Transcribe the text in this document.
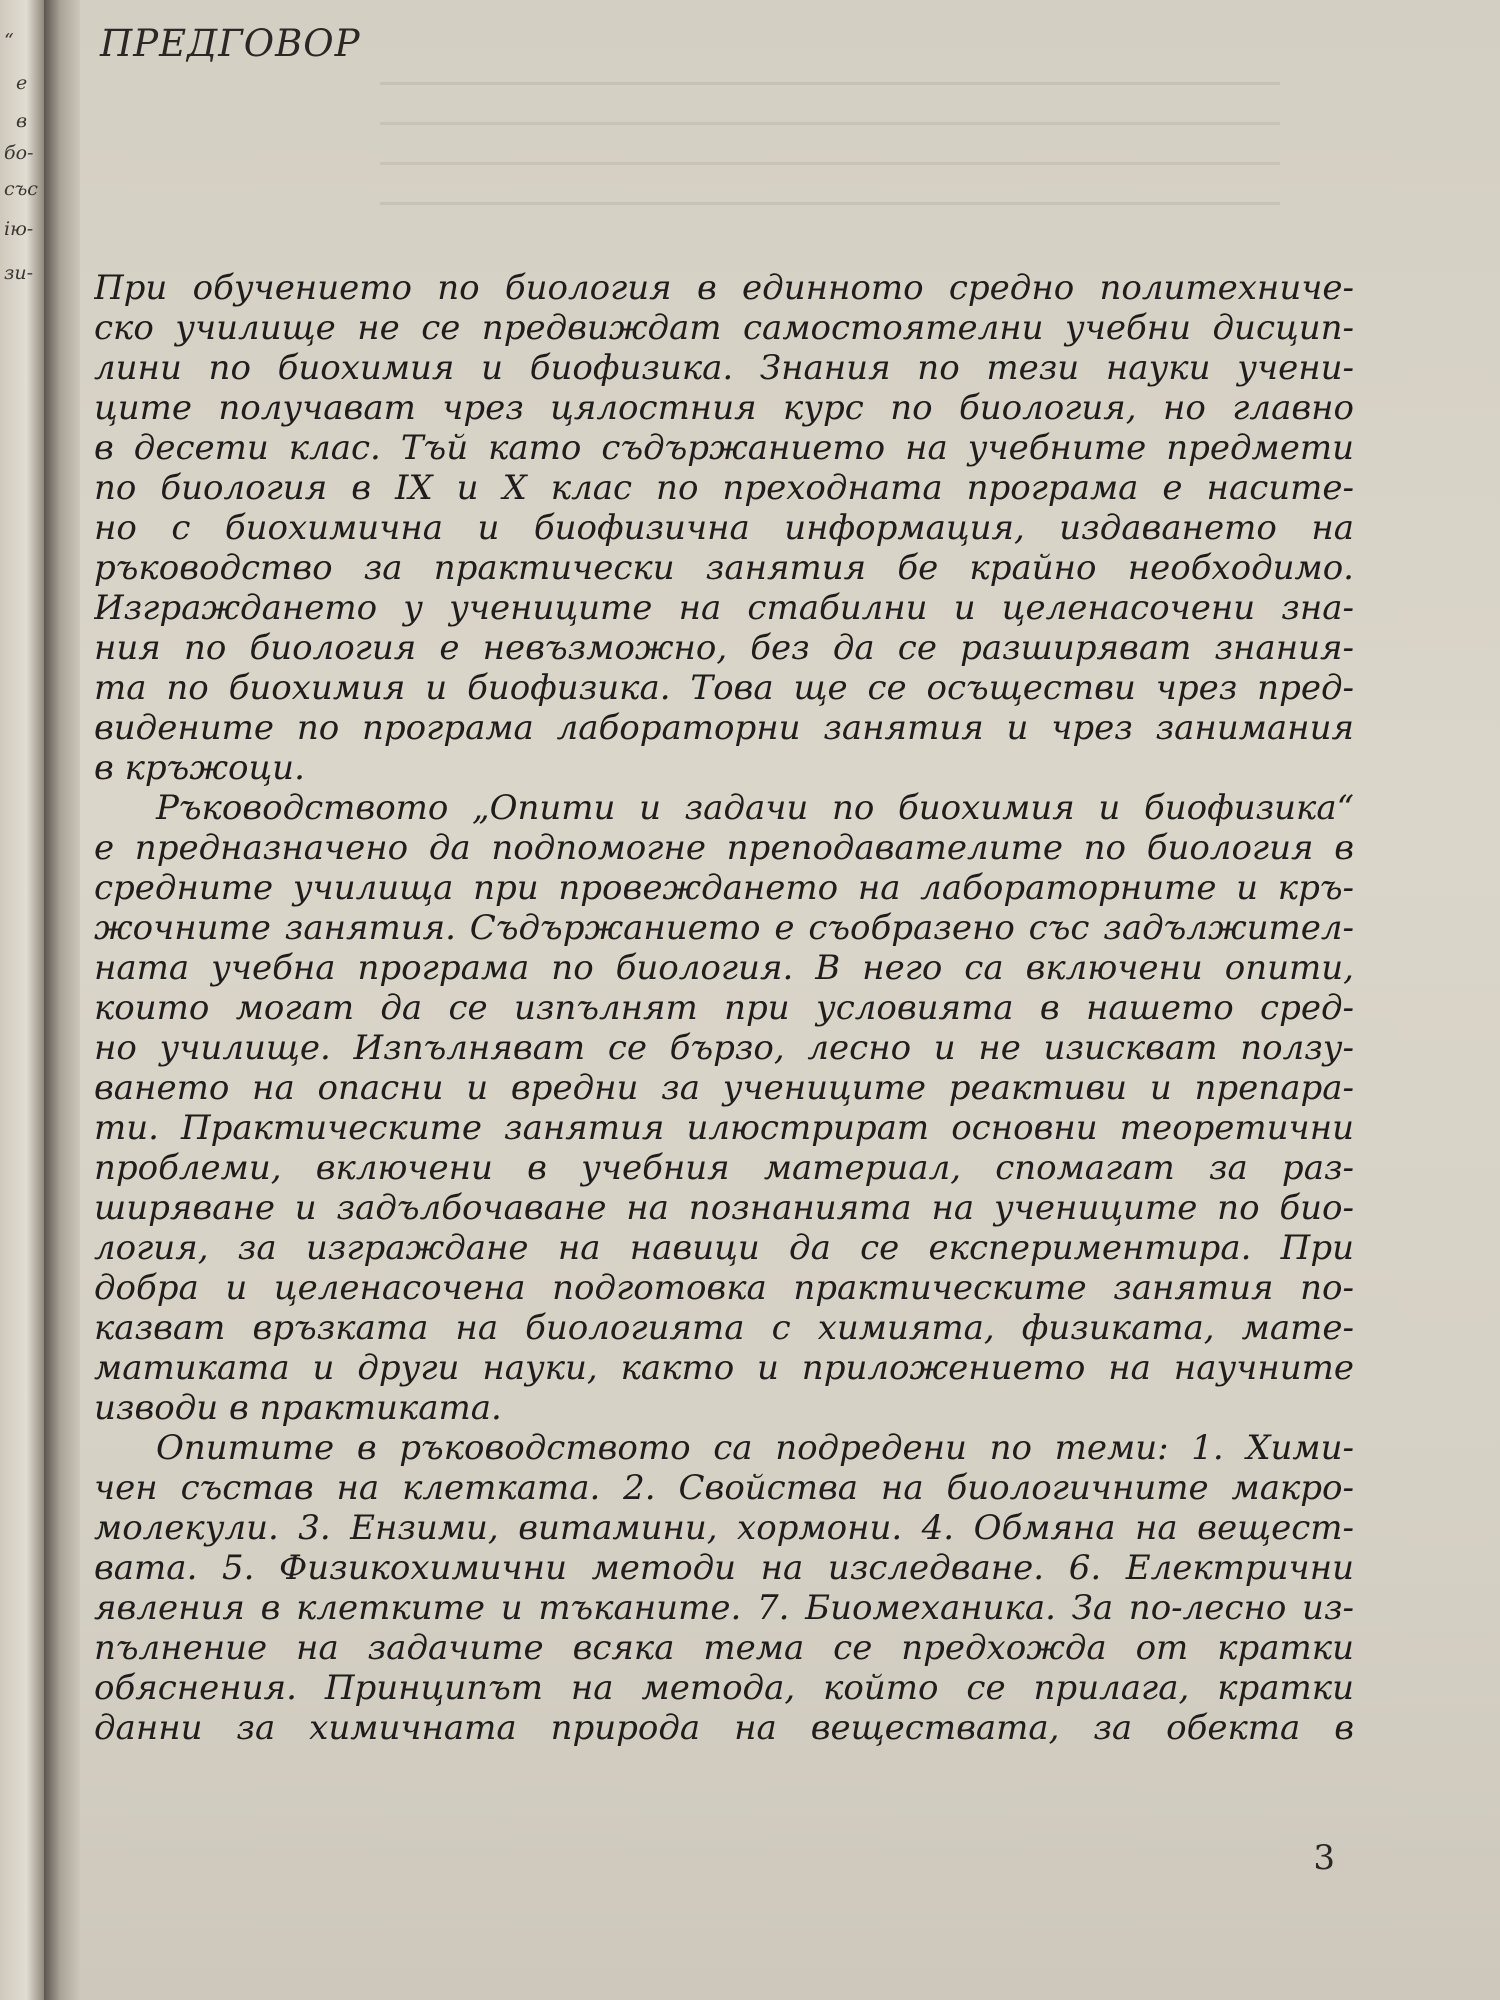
“
е
в
бо-
със
ію-
зи-
ПРЕДГОВОР
При обучението по биология в единното средно политехниче-
ско училище не се предвиждат самостоятелни учебни дисцип-
лини по биохимия и биофизика. Знания по тези науки учени-
ците получават чрез цялостния курс по биология, но главно
в десети клас. Тъй като съдържанието на учебните предмети
по биология в IX и X клас по преходната програма е насите-
но с биохимична и биофизична информация, издаването на
ръководство за практически занятия бе крайно необходимо.
Изграждането у учениците на стабилни и целенасочени зна-
ния по биология е невъзможно, без да се разширяват знания-
та по биохимия и биофизика. Това ще се осъществи чрез пред-
видените по програма лабораторни занятия и чрез занимания
в кръжоци.
Ръководството „Опити и задачи по биохимия и биофизика“
е предназначено да подпомогне преподавателите по биология в
средните училища при провеждането на лабораторните и кръ-
жочните занятия. Съдържанието е съобразено със задължител-
ната учебна програма по биология. В него са включени опити,
които могат да се изпълнят при условията в нашето сред-
но училище. Изпълняват се бързо, лесно и не изискват ползу-
ването на опасни и вредни за учениците реактиви и препара-
ти. Практическите занятия илюстрират основни теоретични
проблеми, включени в учебния материал, спомагат за раз-
ширяване и задълбочаване на познанията на учениците по био-
логия, за изграждане на навици да се експериментира. При
добра и целенасочена подготовка практическите занятия по-
казват връзката на биологията с химията, физиката, мате-
матиката и други науки, както и приложението на научните
изводи в практиката.
Опитите в ръководството са подредени по теми: 1. Хими-
чен състав на клетката. 2. Свойства на биологичните макро-
молекули. 3. Ензими, витамини, хормони. 4. Обмяна на вещест-
вата. 5. Физикохимични методи на изследване. 6. Електрични
явления в клетките и тъканите. 7. Биомеханика. За по-лесно из-
пълнение на задачите всяка тема се предхожда от кратки
обяснения. Принципът на метода, който се прилага, кратки
данни за химичната природа на веществата, за обекта в
3
